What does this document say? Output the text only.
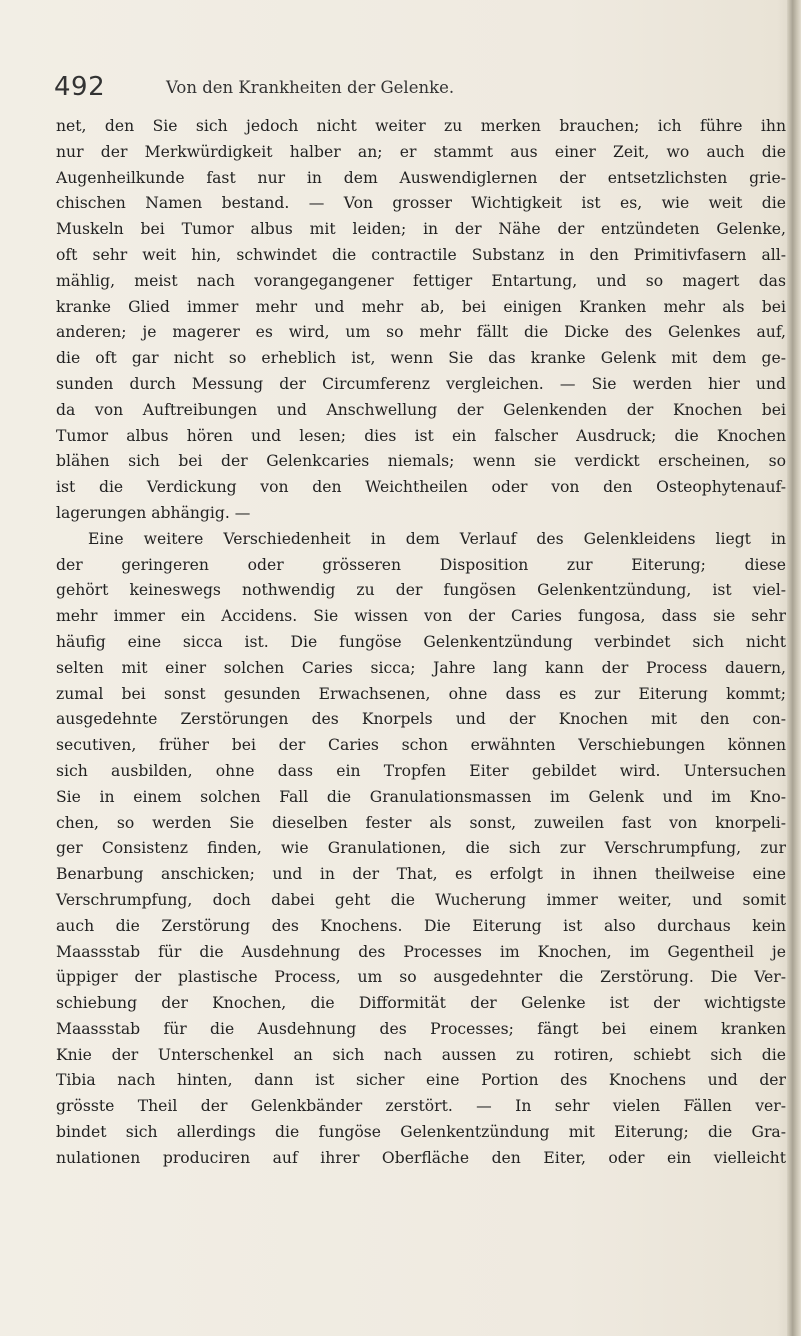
492	Von den Krankheiten der Gelenke.
net, den Sie sich jedoch nicht weiter zu merken brauchen; ich führe ihn
nur der Merkwürdigkeit halber an; er stammt aus einer Zeit, wo auch die
Augenheilkunde fast nur in dem Auswendiglernen der entsetzlichsten grie-
chischen Namen bestand. — Von grosser Wichtigkeit ist es, wie weit die
Muskeln bei Tumor albus mit leiden; in der Nähe der entzündeten Gelenke,
oft sehr weit hin, schwindet die contractile Substanz in den Primitivfasern all-
mählig, meist nach vorangegangener fettiger Entartung, und so magert das
kranke Glied immer mehr und mehr ab, bei einigen Kranken mehr als bei
anderen; je magerer es wird, um so mehr fällt die Dicke des Gelenkes auf,
die oft gar nicht so erheblich ist, wenn Sie das kranke Gelenk mit dem ge-
sunden durch Messung der Circumferenz vergleichen. — Sie werden hier und
da von Auftreibungen und Anschwellung der Gelenkenden der Knochen bei
Tumor albus hören und lesen; dies ist ein falscher Ausdruck; die Knochen
blähen sich bei der Gelenkcaries niemals; wenn sie verdickt erscheinen, so
ist die Verdickung von den Weichtheilen oder von den Osteophytenauf-
lagerungen abhängig. —
Eine weitere Verschiedenheit in dem Verlauf des Gelenkleidens liegt in
der geringeren oder grösseren Disposition zur Eiterung; diese
gehört keineswegs nothwendig zu der fungösen Gelenkentzündung, ist viel-
mehr immer ein Accidens. Sie wissen von der Caries fungosa, dass sie sehr
häufig eine sicca ist. Die fungöse Gelenkentzündung verbindet sich nicht
selten mit einer solchen Caries sicca; Jahre lang kann der Process dauern,
zumal bei sonst gesunden Erwachsenen, ohne dass es zur Eiterung kommt;
ausgedehnte Zerstörungen des Knorpels und der Knochen mit den con-
secutiven, früher bei der Caries schon erwähnten Verschiebungen können
sich ausbilden, ohne dass ein Tropfen Eiter gebildet wird. Untersuchen
Sie in einem solchen Fall die Granulationsmassen im Gelenk und im Kno-
chen, so werden Sie dieselben fester als sonst, zuweilen fast von knorpeli-
ger Consistenz finden, wie Granulationen, die sich zur Verschrumpfung, zur
Benarbung anschicken; und in der That, es erfolgt in ihnen theilweise eine
Verschrumpfung, doch dabei geht die Wucherung immer weiter, und somit
auch die Zerstörung des Knochens. Die Eiterung ist also durchaus kein
Maassstab für die Ausdehnung des Processes im Knochen, im Gegentheil je
üppiger der plastische Process, um so ausgedehnter die Zerstörung. Die Ver-
schiebung der Knochen, die Difformität der Gelenke ist der wichtigste
Maassstab für die Ausdehnung des Processes; fängt bei einem kranken
Knie der Unterschenkel an sich nach aussen zu rotiren, schiebt sich die
Tibia nach hinten, dann ist sicher eine Portion des Knochens und der
grösste Theil der Gelenkbänder zerstört. — In sehr vielen Fällen ver-
bindet sich allerdings die fungöse Gelenkentzündung mit Eiterung; die Gra-
nulationen produciren auf ihrer Oberfläche den Eiter, oder ein vielleicht
